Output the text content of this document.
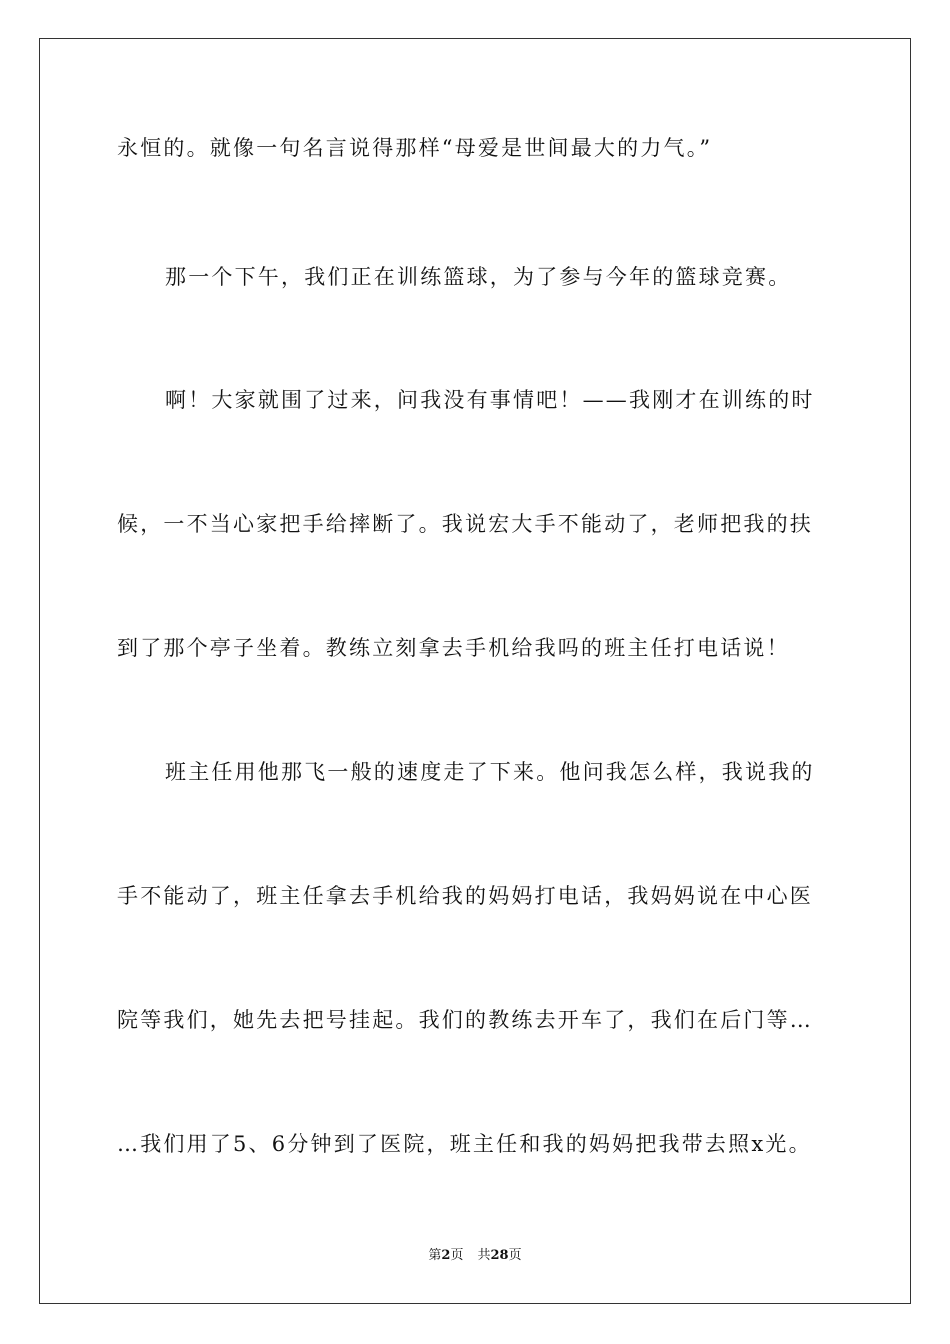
永恒的。就像一句名言说得那样“母爱是世间最大的力气。”
那一个下午，我们正在训练篮球，为了参与今年的篮球竞赛。
啊！大家就围了过来，问我没有事情吧！——我刚才在训练的时
候，一不当心家把手给摔断了。我说宏大手不能动了，老师把我的扶
到了那个亭子坐着。教练立刻拿去手机给我吗的班主任打电话说！
班主任用他那飞一般的速度走了下来。他问我怎么样，我说我的
手不能动了，班主任拿去手机给我的妈妈打电话，我妈妈说在中心医
院等我们，她先去把号挂起。我们的教练去开车了，我们在后门等…
…我们用了5、6分钟到了医院，班主任和我的妈妈把我带去照x光。
第2页 共28页
